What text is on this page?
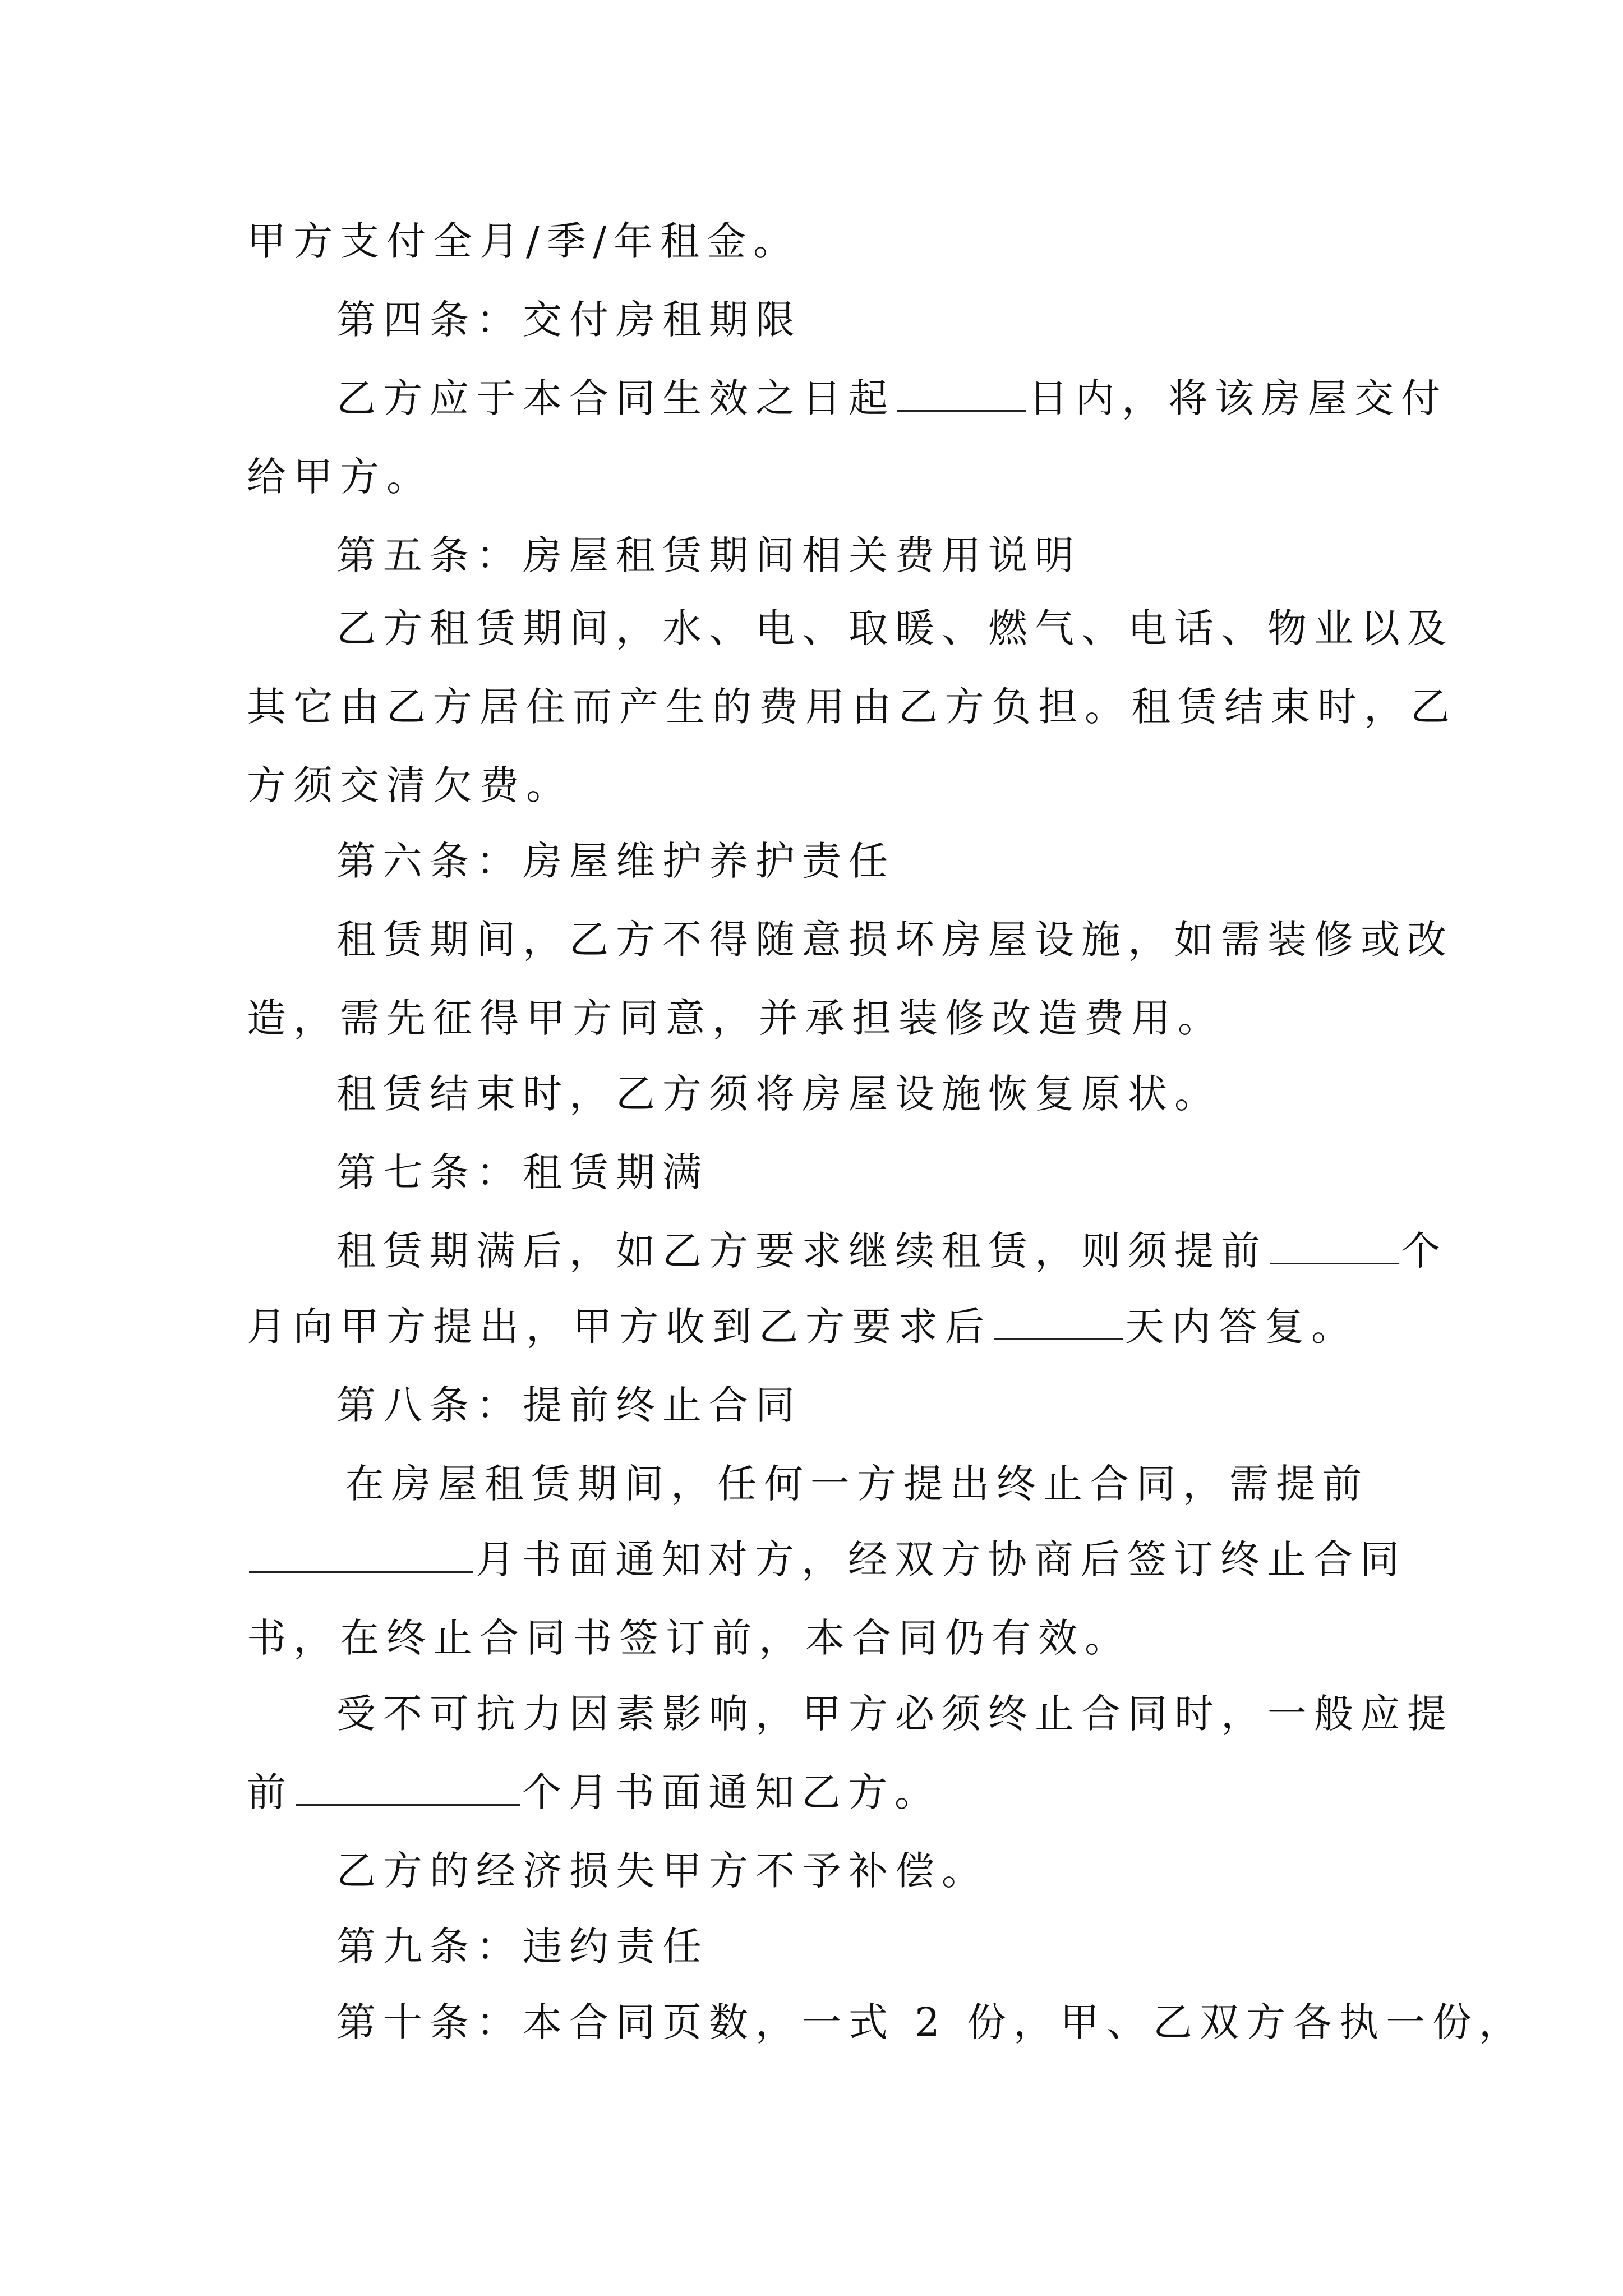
甲方支付全月/季/年租金。
第四条：交付房租期限
乙方应于本合同生效之日起	日内，将该房屋交付
给甲方。
第五条：房屋租赁期间相关费用说明
乙方租赁期间，水、电、取暖、燃气、电话、物业以及
其它由乙方居住而产生的费用由乙方负担。租赁结束时，乙
方须交清欠费。
第六条：房屋维护养护责任
租赁期间，乙方不得随意损坏房屋设施，如需装修或改
造，需先征得甲方同意，并承担装修改造费用。
租赁结束时，乙方须将房屋设施恢复原状。
第七条：租赁期满
租赁期满后，如乙方要求继续租赁，则须提前	个
月向甲方提出，甲方收到乙方要求后	天内答复。
第八条：提前终止合同
在房屋租赁期间，任何一方提出终止合同，需提前
月书面通知对方，经双方协商后签订终止合同
书，在终止合同书签订前，本合同仍有效。
受不可抗力因素影响，甲方必须终止合同时，一般应提
前	个月书面通知乙方。
乙方的经济损失甲方不予补偿。
第九条：违约责任
第十条：本合同页数，一式 2 份，甲、乙双方各执一份，
